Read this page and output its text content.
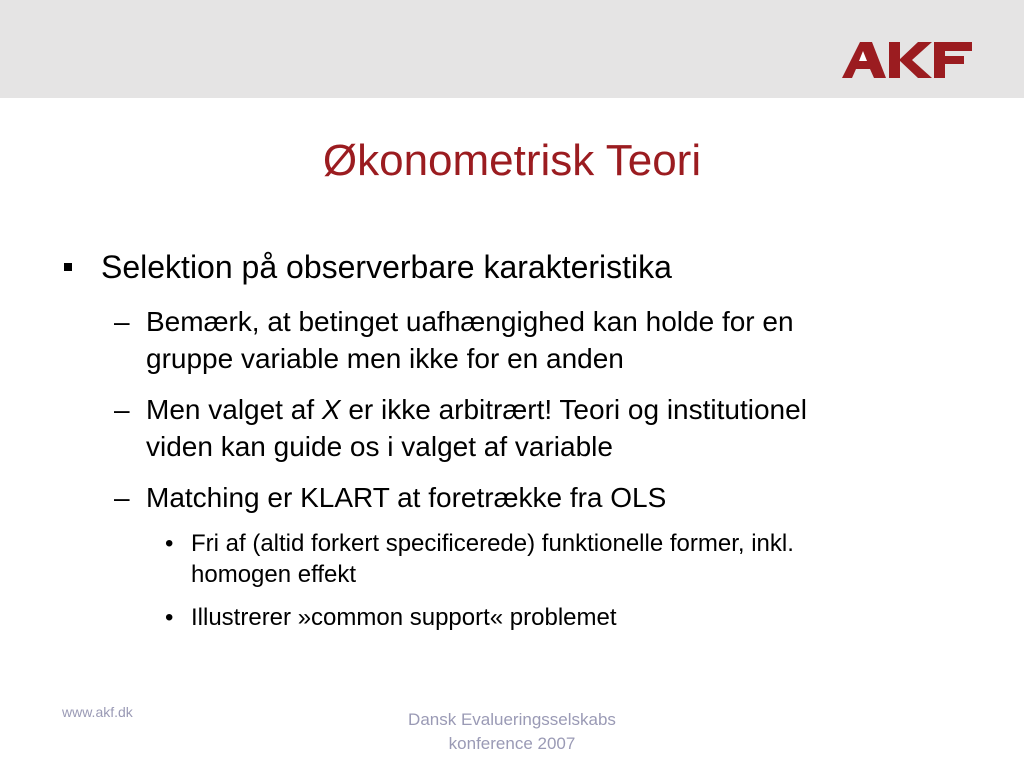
Økonometrisk Teori
Selektion på observerbare karakteristika
– Bemærk, at betinget uafhængighed kan holde for en
gruppe variable men ikke for en anden
– Men valget af X er ikke arbitrært! Teori og institutionel
viden kan guide os i valget af variable
– Matching er KLART at foretrække fra OLS
• Fri af (altid forkert specificerede) funktionelle former, inkl.
homogen effekt
• Illustrerer »common support« problemet
www.akf.dk	Dansk Evalueringsselskabs
konference 2007
